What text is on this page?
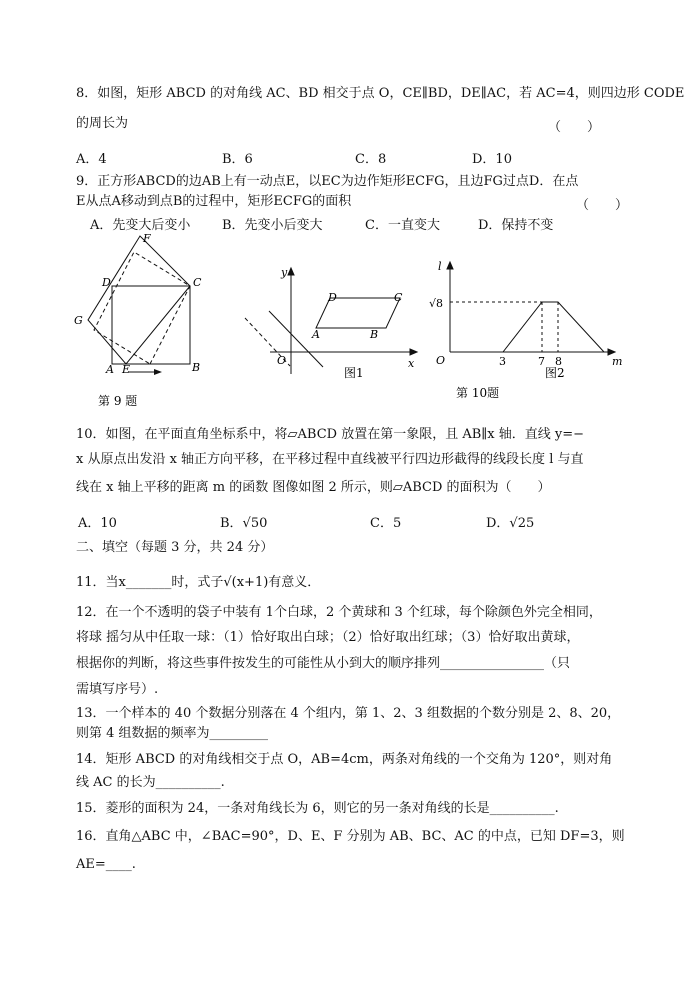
8．如图，矩形 ABCD 的对角线 AC、BD 相交于点 O，CE∥BD，DE∥AC，若 AC=4，则四边形 CODE
的周长为	（　　）
A．4	B．6	C．8	D．10
9．正方形ABCD的边AB上有一动点E，以EC为边作矩形ECFG，且边FG过点D．在点
E从点A移动到点B的过程中，矩形ECFG的面积	（　　）
A．先变大后变小 B．先变小后变大	C．一直变大	D．保持不变
F
D	C
G
A E	B
第 9 题
y
D	C
A	B
O	x
图1
l
√8
O	3	7 8	m
图2
第 10题
10．如图，在平面直角坐标系中，将▱ABCD 放置在第一象限，且 AB∥x 轴．直线 y=−
x 从原点出发沿 x 轴正方向平移，在平移过程中直线被平行四边形截得的线段长度 l 与直
线在 x 轴上平移的距离 m 的函数 图像如图 2 所示，则▱ABCD 的面积为（　　）
A．10	B．√50	C．5	D．√25
二、填空（每题 3 分，共 24 分）
11．当x_______时，式子√(x+1)有意义．
12．在一个不透明的袋子中装有 1个白球，2 个黄球和 3 个红球，每个除颜色外完全相同，
将球 摇匀从中任取一球：（1）恰好取出白球；（2）恰好取出红球；（3）恰好取出黄球，
根据你的判断，将这些事件按发生的可能性从小到大的顺序排列________________（只
需填写序号）.
13．一个样本的 40 个数据分别落在 4 个组内，第 1、2、3 组数据的个数分别是 2、8、20，
则第 4 组数据的频率为_________
14．矩形 ABCD 的对角线相交于点 O，AB=4cm，两条对角线的一个交角为 120°，则对角
线 AC 的长为__________.
15．菱形的面积为 24，一条对角线长为 6，则它的另一条对角线的长是__________.
16．直角△ABC 中，∠BAC=90°，D、E、F 分别为 AB、BC、AC 的中点，已知 DF=3，则
AE=____.
